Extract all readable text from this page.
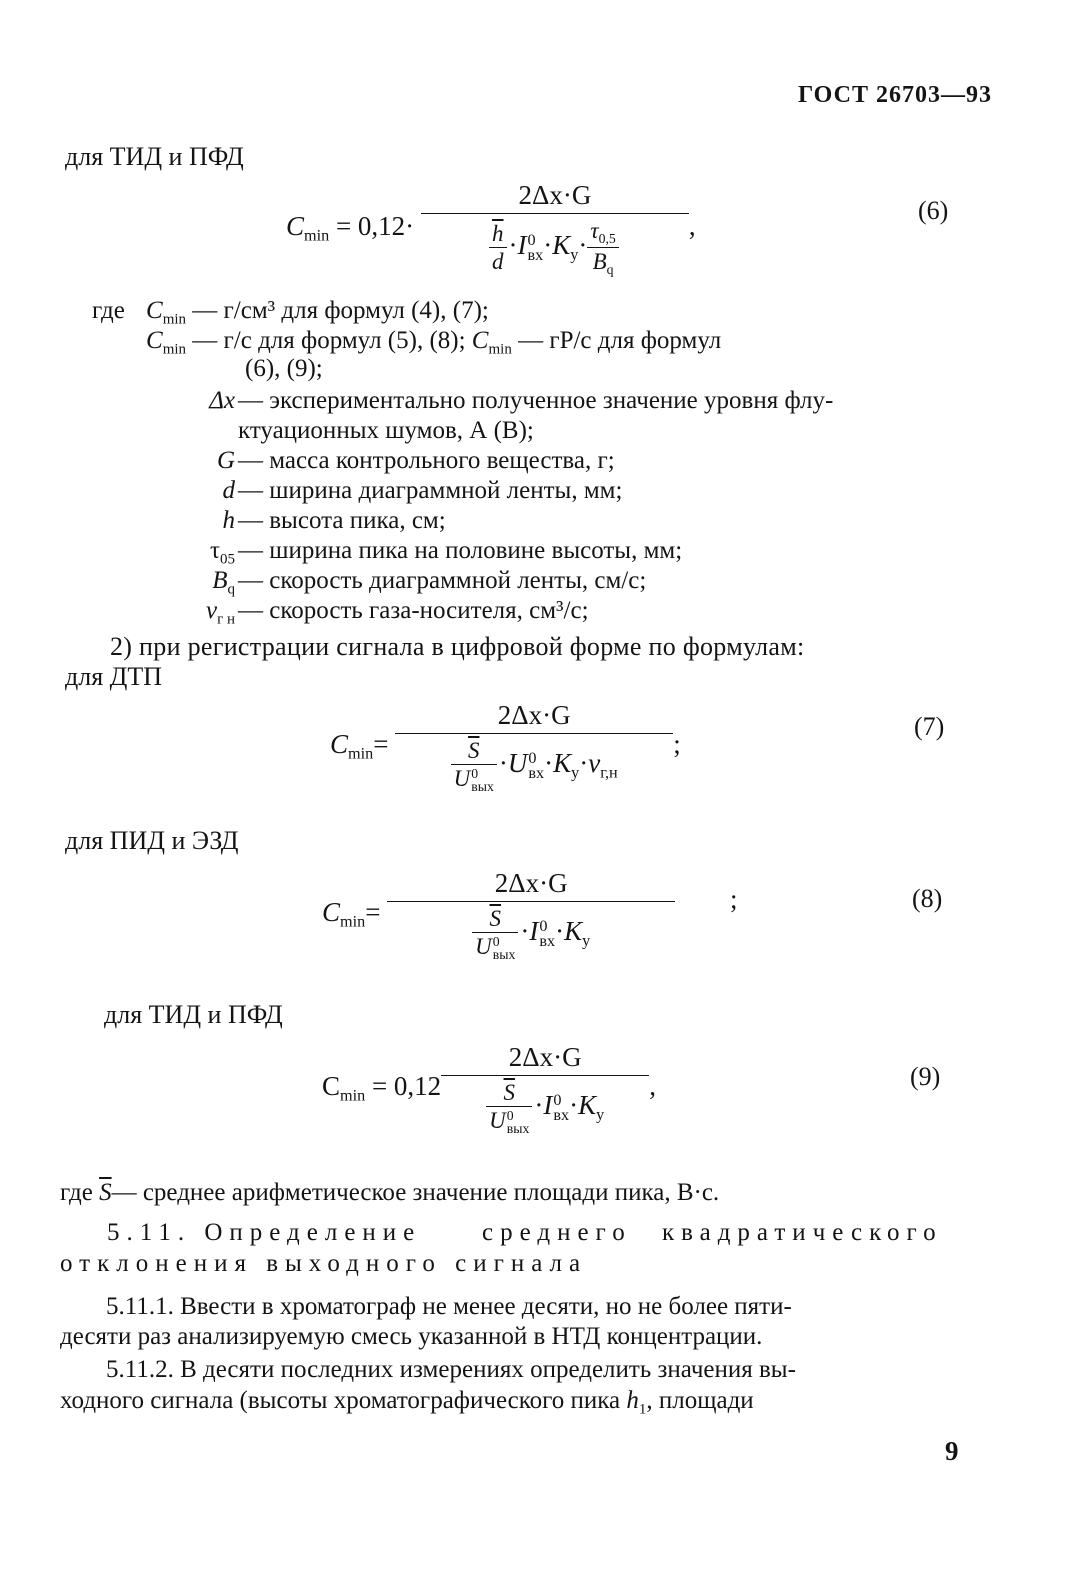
ГОСТ 26703—93
для ТИД и ПФД
$C_{min} = 0,12\cdot 2\Delta x\cdot G$
$\frac{\overline{h}}{d} \cdot I$ 0
вх $\cdot K_у\cdot \frac{\tau_{0,5}}{B_q}$ ,
(6)
где $C_{min}$ — г/см³ для формул (4), (7);
$C_{min}$ — г/с для формул (5), (8); $C_{min}$ — гP/c для формул
(6), (9);
Δx — экспериментально полученное значение уровня флу-
ктуационных шумов, А (В);
G — масса контрольного вещества, г;
d — ширина диаграммной ленты, мм;
h — высота пика, см;
$\tau_{05}$ — ширина пика на половине высоты, мм;
$B_q$ — скорость диаграммной ленты, см/с;
$v_{г н}$ — скорость газа-носителя, см³/с;
2) при регистрации сигнала в цифровой форме по формулам:
для ДТП
$C_{min}= 2\Delta x\cdot G$
$\overline{S}$
U 0
вых
·U 0
вх $\cdot K_у\cdot v_{г,н}$ ;
(7)
для ПИД и ЭЗД
$C_{min}= 2\Delta x\cdot G$
$\overline{S}$
U 0
вых
·I 0
вх $\cdot K_у$ ;	(8)
для ТИД и ПФД
$C_{min} = 0,12$ 2Δx·G
$\overline{S}$
U 0
вых
·I 0
вх $\cdot K_у$ ,	(9)
где $\overline{S}—$ среднее арифметическое значение площади пика, В·с.
5.11. Определение среднего квадратического
отклонения выходного сигнала
5.11.1. Ввести в хроматограф не менее десяти, но не более пяти-
десяти раз анализируемую смесь указанной в НТД концентрации.
5.11.2. В десяти последних измерениях определить значения вы-
ходного сигнала (высоты хроматографического пика $h_1$, площади
9
